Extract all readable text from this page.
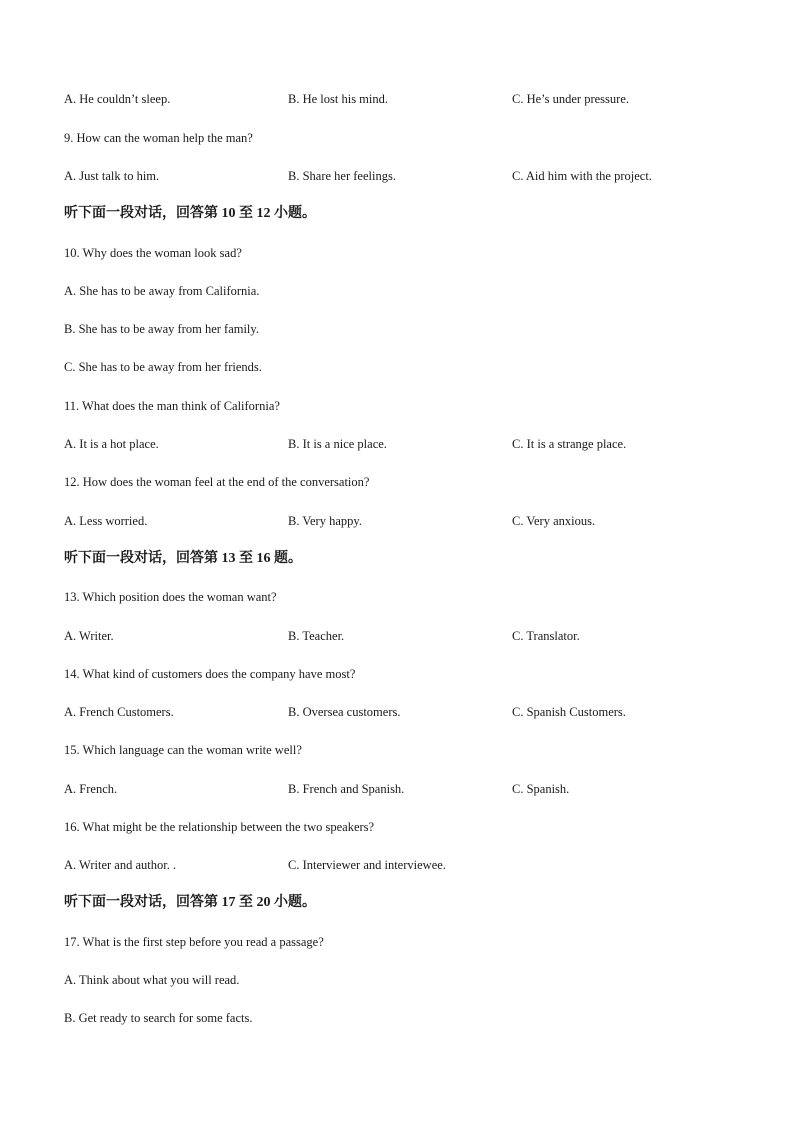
A. He couldn’t sleep.	B. He lost his mind.	C. He’s under pressure.
9. How can the woman help the man?
A. Just talk to him.	B. Share her feelings.	C. Aid him with the project.
听下面一段对话，回答第 10 至 12 小题。
10. Why does the woman look sad?
A. She has to be away from California.
B. She has to be away from her family.
C. She has to be away from her friends.
11. What does the man think of California?
A. It is a hot place.	B. It is a nice place.	C. It is a strange place.
12. How does the woman feel at the end of the conversation?
A. Less worried.	B. Very happy.	C. Very anxious.
听下面一段对话，回答第 13 至 16 题。
13. Which position does the woman want?
A. Writer.	B. Teacher.	C. Translator.
14. What kind of customers does the company have most?
A. French Customers.	B. Oversea customers.	C. Spanish Customers.
15. Which language can the woman write well?
A. French.	B. French and Spanish.	C. Spanish.
16. What might be the relationship between the two speakers?
A. Writer and author. .	C. Interviewer and interviewee.
听下面一段对话，回答第 17 至 20 小题。
17. What is the first step before you read a passage?
A. Think about what you will read.
B. Get ready to search for some facts.
